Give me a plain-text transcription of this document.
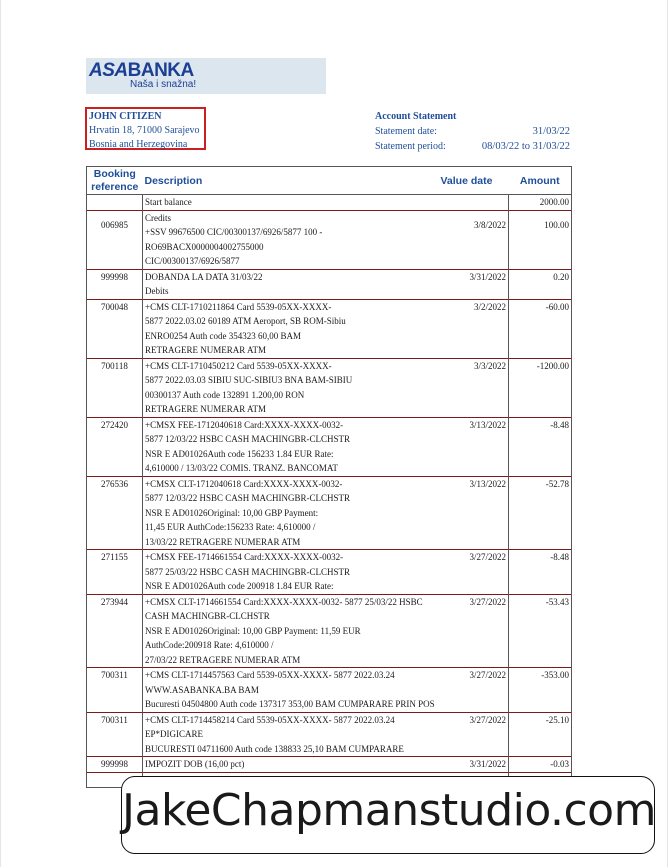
ASABANKA
Naša i snažna!
JOHN CITIZEN
Hrvatin 18, 71000 Sarajevo
Bosnia and Herzegovina
Account Statement
Statement date:	31/03/22
Statement period:	08/03/22 to 31/03/22
Booking reference	Description	Value date	Amount

	Start balance		2000.00
006985	Credits
+SSV 99676500 CIC/00300137/6926/5877 100 -
RO69BACX0000004002755000
CIC/00300137/6926/5877	3/8/2022	100.00
999998	DOBANDA LA DATA 31/03/22
Debits	3/31/2022	0.20
700048	+CMS CLT-1710211864 Card 5539-05XX-XXXX-
5877 2022.03.02 60189 ATM Aeroport, SB ROM-Sibiu
ENRO0254 Auth code 354323 60,00 BAM
RETRAGERE NUMERAR ATM	3/2/2022	-60.00
700118	+CMS CLT-1710450212 Card 5539-05XX-XXXX-
5877 2022.03.03 SIBIU SUC-SIBIU3 BNA BAM-SIBIU
00300137 Auth code 132891 1.200,00 RON
RETRAGERE NUMERAR ATM	3/3/2022	-1200.00
272420	+CMSX FEE-1712040618 Card:XXXX-XXXX-0032-
5877 12/03/22 HSBC CASH MACHINGBR-CLCHSTR
NSR E AD01026Auth code 156233 1.84 EUR Rate:
4,610000 / 13/03/22 COMIS. TRANZ. BANCOMAT	3/13/2022	-8.48
276536	+CMSX CLT-1712040618 Card:XXXX-XXXX-0032-
5877 12/03/22 HSBC CASH MACHINGBR-CLCHSTR
NSR E AD01026Original: 10,00 GBP Payment:
11,45 EUR AuthCode:156233 Rate: 4,610000 /
13/03/22 RETRAGERE NUMERAR ATM	3/13/2022	-52.78
271155	+CMSX FEE-1714661554 Card:XXXX-XXXX-0032-
5877 25/03/22 HSBC CASH MACHINGBR-CLCHSTR
NSR E AD01026Auth code 200918 1.84 EUR Rate:	3/27/2022	-8.48
273944	+CMSX CLT-1714661554 Card:XXXX-XXXX-0032- 5877 25/03/22 HSBC
CASH MACHINGBR-CLCHSTR
NSR E AD01026Original: 10,00 GBP Payment: 11,59 EUR
AuthCode:200918 Rate: 4,610000 /
27/03/22 RETRAGERE NUMERAR ATM	3/27/2022	-53.43
700311	+CMS CLT-1714457563 Card 5539-05XX-XXXX- 5877 2022.03.24
WWW.ASABANKA.BA BAM
Bucuresti 04504800 Auth code 137317 353,00 BAM CUMPARARE PRIN POS	3/27/2022	-353.00
700311	+CMS CLT-1714458214 Card 5539-05XX-XXXX- 5877 2022.03.24
EP*DIGICARE
BUCURESTI 04711600 Auth code 138833 25,10 BAM CUMPARARE	3/27/2022	-25.10
999998	IMPOZIT DOB (16,00 pct)	3/31/2022	-0.03

JakeChapmanstudio.com
